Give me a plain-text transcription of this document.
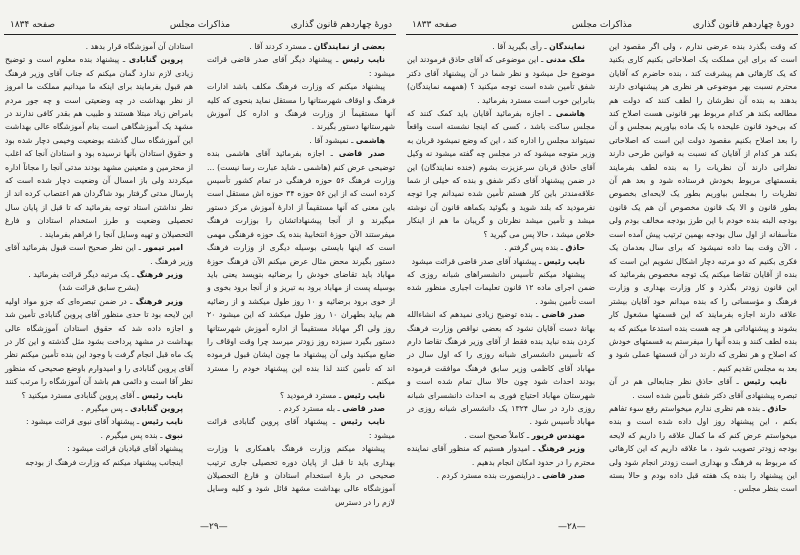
دورهٔ چهاردهم قانون گذاری
مذاکرات مجلس
صفحه ۱۸۳۴

بعضی از نمایندگان ـ مسترد کردند آقا .

نایب رئیس ـ پیشنهاد دیگر آقای صدر قاضی قرائت میشود :

پیشنهاد میکنم که وزارت فرهنگ مکلف باشد ادارات فرهنگ و اوقاف شهرستانها را مستقل نماید بنحوی که کلیه آنها مستقیماً از وزارت فرهنگ و اداره کل آموزش شهرستانها دستور بگیرند .

هاشمی ـ نمیشود آقا .

صدر قاضی ـ اجازه بفرمائید آقای هاشمی بنده توضیحی عرض کنم (هاشمی ـ شاید عبارت رسا نیست) ... وزارت فرهنگ ۵۶ حوزه فرهنگی در تمام کشور تأسیس کرده است که از این ۵۶ حوزه ۳۴ حوزه اش مستقل است باین معنی که آنها مستقیماً از ادارهٔ آموزش مرکز دستور میگیرند و از آنجا پیشنهاداتشان را بوزارت فرهنگ میفرستند الآن حوزهٔ انتخابیهٔ بنده یک حوزه فرهنگی مهمی است که اینها بایستی بوسیله دیگری از وزارت فرهنگ دستور بگیرند محض مثال عرض میکنم الآن فرهنگ حوزهٔ مهاباد باید تقاضای خودش را برضائیه بنویسد یعنی باید بوسیله پست از مهاباد برود به تبریز و از آنجا برود بخوی و از خوی برود برضائیه و ۱۰ روز طول میکشد و از رضائیه هم بیاید بطهران ۱۰ روز طول میکشد که این میشود ۲۰ روز ولی اگر مهاباد مستقیماً از اداره آموزش شهرستانها دستور بگیرد سیزده روز زودتر میرسد چرا وقت اوقاف را ضایع میکنید ولی آن پیشنهاد ما چون ایشان قبول فرموده اند که تأمین کنند لذا بنده این پیشنهاد خودم را مسترد میکنم .

نایب رئیس ـ مسترد فرمودید ؟

صدر قاضی ـ بله مسترد کردم .

نایب رئیس ـ پیشنهاد آقای پروین گنابادی قرائت میشود :

پیشنهاد میکنم وزارت فرهنگ باهمکاری با وزارت بهداری باید تا قبل از پایان دوره تحصیلی جاری ترتیب صحیحی در بارهٔ استخدام استادان و فارغ التحصیلان آموزشگاه عالی بهداشت مشهد قائل شود و کلیه وسایل لازم را در دسترس

استادان آن آموزشگاه قرار بدهد .

پروین گنابادی ـ پیشنهاد بنده معلوم است و توضیح زیادی لازم ندارد گمان میکنم که جناب آقای وزیر فرهنگ هم قبول بفرمایند برای اینکه ما میدانیم مملکت ما امروز از نظر بهداشت در چه وضعیتی است و چه جور مردم بامراض زیاد مبتلا هستند و طبیب هم بقدر کافی ندارند در مشهد یک آموزشگاهی است بنام آموزشگاه عالی بهداشت این آموزشگاه سال گذشته بوضعیت وخیمی دچار شده بود و حقوق استادان بآنها نرسیده بود و استادان آنجا که اغلب از محترمین و متعینین مشهد بودند مدتی آنجا را مجاناً اداره میکردند ولی باز امسال آن وضعیت دچار شده است که پارسال مدتی گرفتار بود شاگردان هم اعتصاب کرده اند از نظر نداشتن استاد توجه بفرمائید که تا قبل از پایان سال تحصیلی وضعیت و طرز استخدام استادان و فارغ التحصیلان و تهیه وسایل آنجا را فراهم بفرمایند .

امیر تیمور ـ این نظر صحیح است قبول بفرمائید آقای وزیر فرهنگ .

وزیر فرهنگ ـ یک مرتبه دیگر قرائت بفرمائید .

(بشرح سابق قرائت شد)

وزیر فرهنگ ـ در ضمن تبصره‌ای که جزو مواد اولیه این لایحه بود تا حدی منظور آقای پروین گنابادی تأمین شد و اجازه داده شد که حقوق استادان آموزشگاه عالی بهداشت در مشهد پرداخت بشود مثل گذشته و این کار در یک ماه قبل انجام گرفت با وجود این بنده تأمین میکنم نظر آقای پروین گنابادی را و امیدوارم باوضع صحیحی که منظور نظر آقا است و دائمی هم باشد آن آموزشگاه را مرتب کنند

نایب رئیس ـ آقای پروین گنابادی مسترد میکنید ؟

پروین گنابادی ـ پس میگیرم .

نایب رئیس ـ پیشنهاد آقای نبوی قرائت میشود :

نبوی ـ بنده پس میگیرم .

پیشنهاد آقای قیادیان قرائت میشود :

اینجانب پیشنهاد میکنم که وزارت فرهنگ از بودجه

—۲۹—
دورهٔ چهاردهم قانون گذاری
مذاکرات مجلس
صفحه ۱۸۳۳

که وقت بگذرد بنده عرضی ندارم ، ولی اگر مقصود این است که برای این مملکت یک اصلاحاتی بکنیم کاری بکنید که یک کارهائی هم پیشرفت کند ، بنده حاضرم که آقایان محترم نسبت بهر موضوعی هر نظری هر پیشنهادی دارند بدهند به بنده آن نظرشان را لطف کنند که دولت هم مطالعه بکند هر کدام مربوط بهر قانونی هست اصلاح کند که بی‌خود قانون علیحده با یک ماده بیاوریم بمجلس و آن را بعد اصلاح بکنیم مقصود دولت این است که اصلاحاتی بکند هر کدام از آقایان که نسبت به قوانین طرحی دارند نظراتی دارند آن نظریات را به بنده لطف بفرمایند بقسمتهای مربوط بخودش فرستاده شود و بعد هم آن نظریات را بمجلس بیاوریم بطور یک لایحه‌ای بخصوص بطور قانون و الا یک قانون مخصوص آن هم یک قانون بودجه البته بنده خودم با این طرز بودجه مخالف بودم ولی متأسفانه از اول سال بودجه بهمین ترتیب پیش آمده است ، الآن وقت بما داده نمیشود که برای سال بعدمان یک فکری بکنیم که دو مرتبه دچار اشکال نشویم این است که بنده از آقایان تقاضا میکنم یک توجه مخصوص بفرمائید که این قانون زودتر بگذرد و کار وزارت بهداری و وزارت فرهنگ و مؤسساتی را که بنده میدانم خود آقایان بیشتر علاقه دارند اجازه بفرمایند که این قسمتها مشغول کار بشوند و پیشنهاداتی هر چه هست بنده استدعا میکنم که به بنده لطف کنند و بنده آنها را میفرستم به قسمتهای خودش که اصلاح و هر نظری که دارند در آن قسمتها عملی شود و بعد به مجلس تقدیم کنیم .

نایب رئیس ـ آقای حاذق نظر جنابعالی هم در آن تبصره پیشنهادی آقای دکتر شفق تأمین شده است .

حاذق ـ بنده هم نظری ندارم میخواستم رفع سوء تفاهم بکنم ، این پیشنهاد روز اول داده شده است و بنده میخواستم عرض کنم که ما کمال علاقه را داریم که لایحه بودجه زودتر تصویب شود ، ما علاقه داریم که این کارهائی که مربوط به فرهنگ و بهداری است زودتر انجام شود ولی این پیشنهاد را بنده یک هفته قبل داده بودم و حالا بسته است بنظر مجلس .

نمایندگان ـ رأی بگیرید آقا .

ملک مدنی ـ این موضوعی که آقای حاذق فرمودند این موضوع حل میشود و نظر شما در آن پیشنهاد آقای دکتر شفق تأمین شده است توجه میکنید ؟ (همهمه نمایندگان) بنابراین خوب است مسترد بفرمائید .

هاشمی ـ اجازه بفرمائید آقایان باید کمک کنند که مجلس ساکت باشد ، کسی که اینجا نشسته است واقعاً نمیتواند مجلس را اداره کند ، این که وضع نمیشود قربان به وزیر متوجه میشود که در مجلس چه گفته میشود نه وکیل آقای حاذق قربان سرعزیزت بشوم (خنده نمایندگان) این در ضمن پیشنهاد آقای دکتر شفق و بنده که خیلی از شما علاقه‌مندتر باین کار هستم تأمین شده نمیدانم چرا توجه نفرمودید که بلند شوید و بگوئید بکماهه قانون آن نوشته میشد و تأمین میشد نظرتان و گریبان ما هم از اینکار خلاص میشد ، حالا پس می گیرید ؟

حاذق ـ بنده پس گرفتم .

نایب رئیس ـ پیشنهاد آقای صدر قاضی قرائت میشود

پیشنهاد میکنم تأسیس دانشسراهای شبانه روزی که ضمن اجرای ماده ۱۲ قانون تعلیمات اجباری منظور شده است تأمین بشود .

صدر قاضی ـ بنده توضیح زیادی نمیدهم که انشاءالله بهانهٔ دست آقایان نشود که بعضی نواقص وزارت فرهنگ کردن بنده نباید بنده فقط از آقای وزیر فرهنگ تقاضا دارم که تأسیس دانشسرای شبانه روزی را که اول سال در مهاباد آقای کاظمی وزیر سابق فرهنگ موافقت فرموده بودند احداث شود چون حالا سال تمام شده است و شهرستان مهاباد احتیاج فوری به احداث دانشسرای شبانه روزی دارد در سال ۱۳۲۴ یک دانشسرای شبانه روزی در مهاباد تأسیس شود .

مهندس فریور ـ کاملاً صحیح است .

وزیر فرهنگ ـ امیدوار هستیم که منظور آقای نماینده محترم را در حدود امکان انجام بدهیم .

صدر قاضی ـ دراینصورت بنده مسترد کردم .

—۲۸—
